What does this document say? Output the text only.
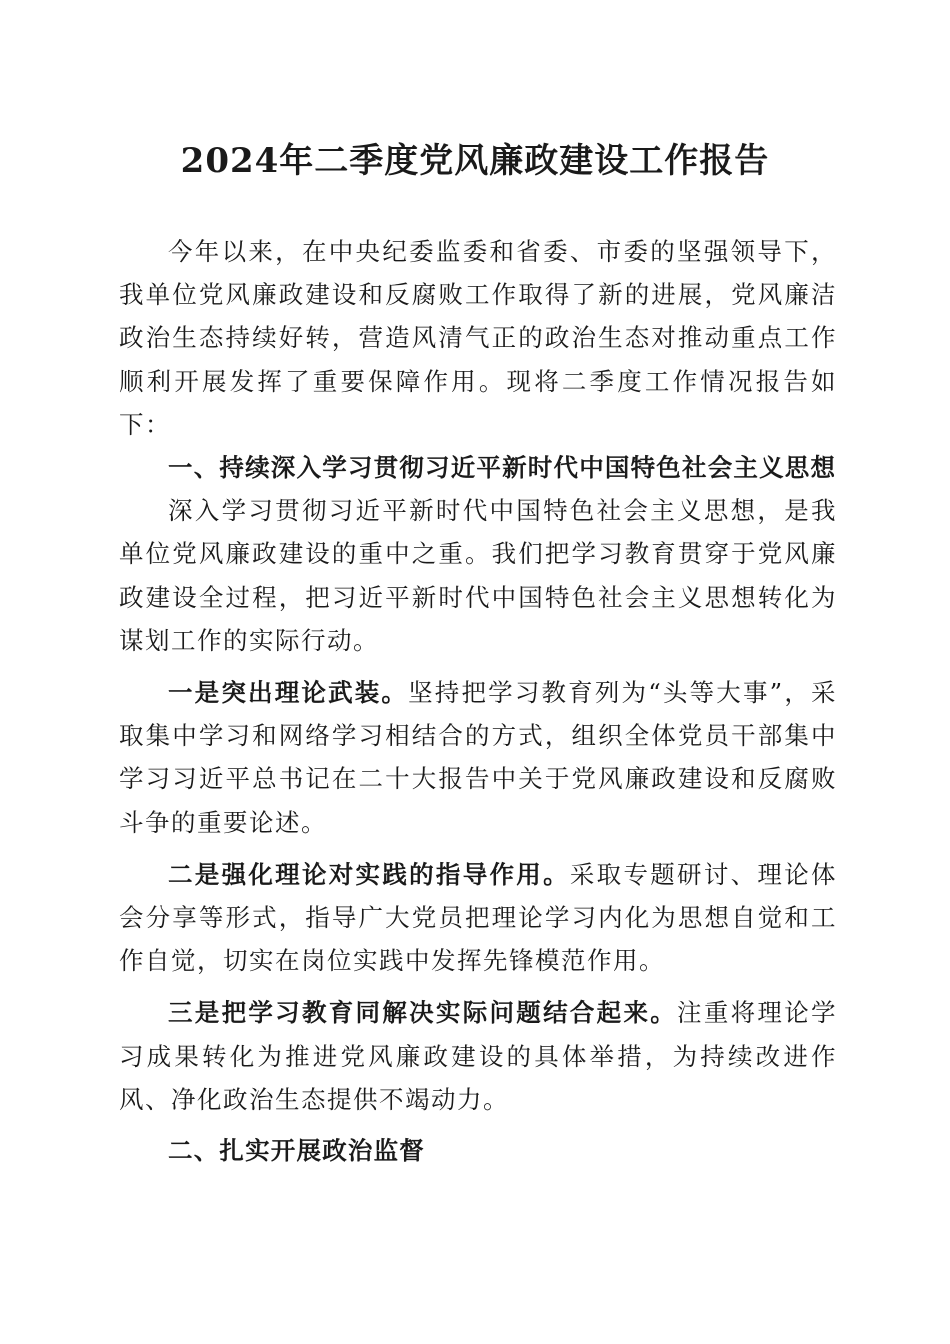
2024年二季度党风廉政建设工作报告

今年以来，在中央纪委监委和省委、市委的坚强领导下，我单位党风廉政建设和反腐败工作取得了新的进展，党风廉洁政治生态持续好转，营造风清气正的政治生态对推动重点工作顺利开展发挥了重要保障作用。现将二季度工作情况报告如下：

一、持续深入学习贯彻习近平新时代中国特色社会主义思想

深入学习贯彻习近平新时代中国特色社会主义思想，是我单位党风廉政建设的重中之重。我们把学习教育贯穿于党风廉政建设全过程，把习近平新时代中国特色社会主义思想转化为谋划工作的实际行动。

一是突出理论武装。坚持把学习教育列为“头等大事”，采取集中学习和网络学习相结合的方式，组织全体党员干部集中学习习近平总书记在二十大报告中关于党风廉政建设和反腐败斗争的重要论述。

二是强化理论对实践的指导作用。采取专题研讨、理论体会分享等形式，指导广大党员把理论学习内化为思想自觉和工作自觉，切实在岗位实践中发挥先锋模范作用。

三是把学习教育同解决实际问题结合起来。注重将理论学习成果转化为推进党风廉政建设的具体举措，为持续改进作风、净化政治生态提供不竭动力。

二、扎实开展政治监督
